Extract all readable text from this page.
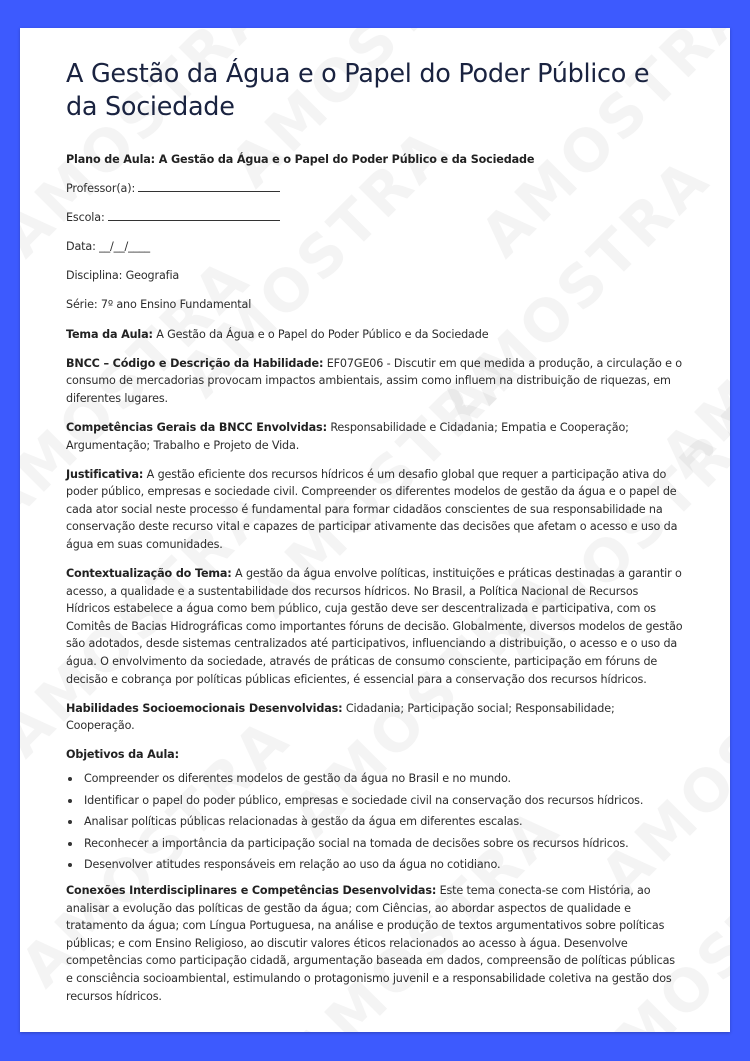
A Gestão da Água e o Papel do Poder Público e da Sociedade

Plano de Aula: A Gestão da Água e o Papel do Poder Público e da Sociedade

Professor(a):

Escola:

Data: __/__/____

Disciplina: Geografia

Série: 7º ano Ensino Fundamental

Tema da Aula: A Gestão da Água e o Papel do Poder Público e da Sociedade

BNCC – Código e Descrição da Habilidade: EF07GE06 - Discutir em que medida a produção, a circulação e o consumo de mercadorias provocam impactos ambientais, assim como influem na distribuição de riquezas, em diferentes lugares.

Competências Gerais da BNCC Envolvidas: Responsabilidade e Cidadania; Empatia e Cooperação; Argumentação; Trabalho e Projeto de Vida.

Justificativa: A gestão eficiente dos recursos hídricos é um desafio global que requer a participação ativa do poder público, empresas e sociedade civil. Compreender os diferentes modelos de gestão da água e o papel de cada ator social neste processo é fundamental para formar cidadãos conscientes de sua responsabilidade na conservação deste recurso vital e capazes de participar ativamente das decisões que afetam o acesso e uso da água em suas comunidades.

Contextualização do Tema: A gestão da água envolve políticas, instituições e práticas destinadas a garantir o acesso, a qualidade e a sustentabilidade dos recursos hídricos. No Brasil, a Política Nacional de Recursos Hídricos estabelece a água como bem público, cuja gestão deve ser descentralizada e participativa, com os Comitês de Bacias Hidrográficas como importantes fóruns de decisão. Globalmente, diversos modelos de gestão são adotados, desde sistemas centralizados até participativos, influenciando a distribuição, o acesso e o uso da água. O envolvimento da sociedade, através de práticas de consumo consciente, participação em fóruns de decisão e cobrança por políticas públicas eficientes, é essencial para a conservação dos recursos hídricos.

Habilidades Socioemocionais Desenvolvidas: Cidadania; Participação social; Responsabilidade; Cooperação.

Objetivos da Aula:

Compreender os diferentes modelos de gestão da água no Brasil e no mundo.
Identificar o papel do poder público, empresas e sociedade civil na conservação dos recursos hídricos.
Analisar políticas públicas relacionadas à gestão da água em diferentes escalas.
Reconhecer a importância da participação social na tomada de decisões sobre os recursos hídricos.
Desenvolver atitudes responsáveis em relação ao uso da água no cotidiano.

Conexões Interdisciplinares e Competências Desenvolvidas: Este tema conecta-se com História, ao analisar a evolução das políticas de gestão da água; com Ciências, ao abordar aspectos de qualidade e tratamento da água; com Língua Portuguesa, na análise e produção de textos argumentativos sobre políticas públicas; e com Ensino Religioso, ao discutir valores éticos relacionados ao acesso à água. Desenvolve competências como participação cidadã, argumentação baseada em dados, compreensão de políticas públicas e consciência socioambiental, estimulando o protagonismo juvenil e a responsabilidade coletiva na gestão dos recursos hídricos.
